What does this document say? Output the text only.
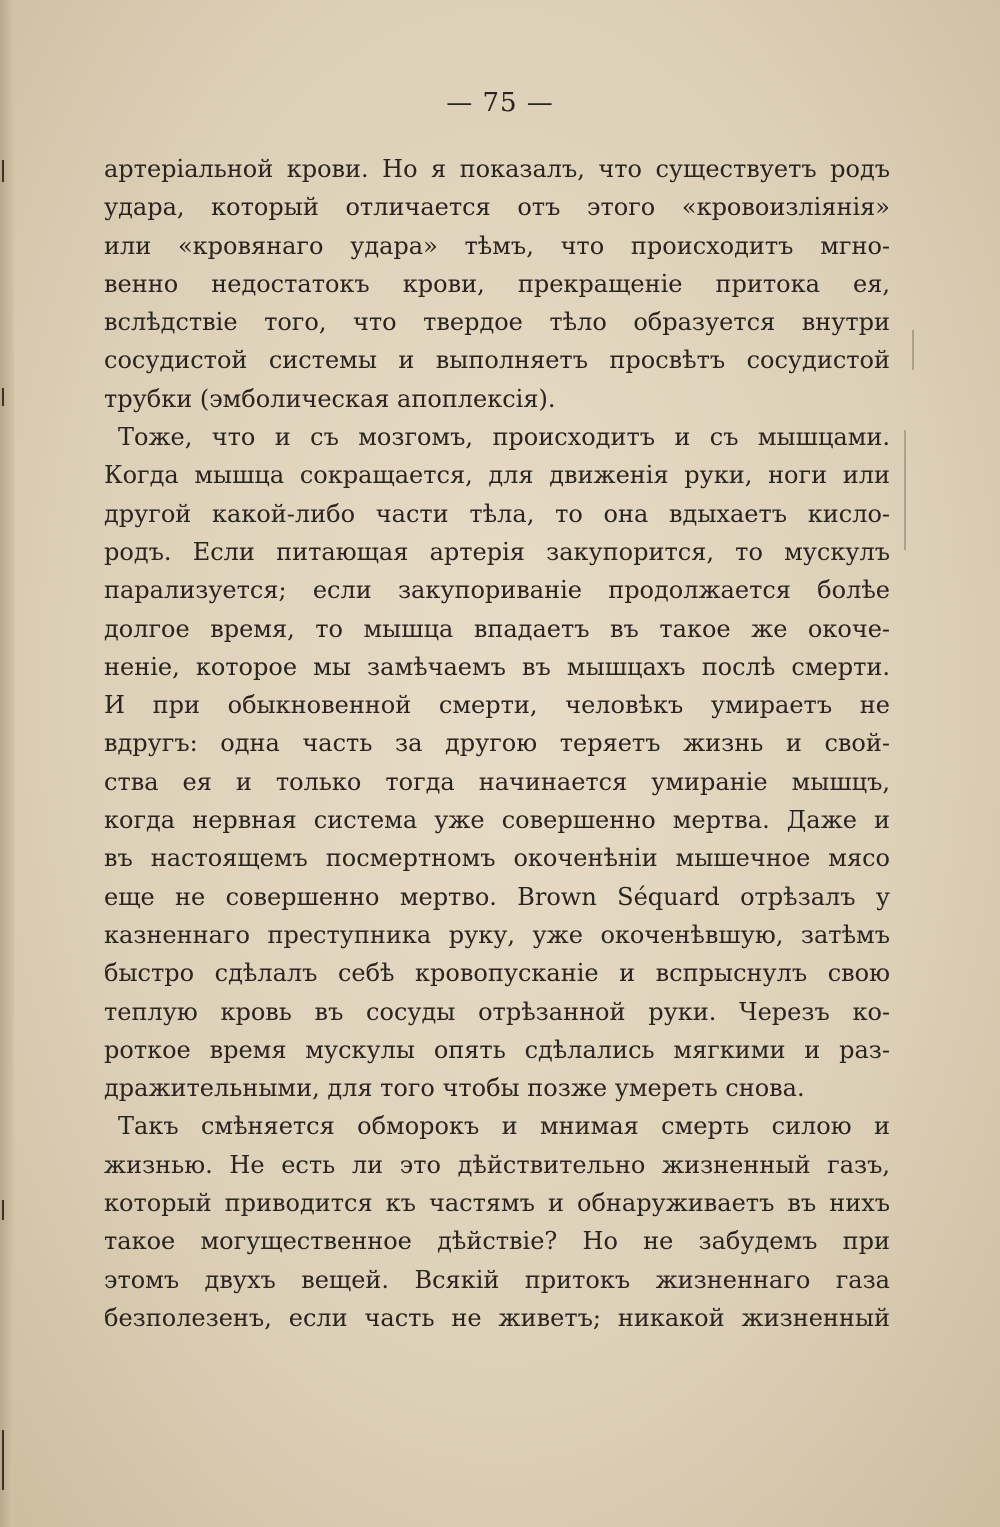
— 75 —
артеріальной крови. Но я показалъ, что существуетъ родъ
удара, который отличается отъ этого «кровоизліянія»
или «кровянаго удара» тѣмъ, что происходитъ мгно-
венно недостатокъ крови, прекращеніе притока ея,
вслѣдствіе того, что твердое тѣло образуется внутри
сосудистой системы и выполняетъ просвѣтъ сосудистой
трубки (эмболическая апоплексія).
Тоже, что и съ мозгомъ, происходитъ и съ мышцами.
Когда мышца сокращается, для движенія руки, ноги или
другой какой-либо части тѣла, то она вдыхаетъ кисло-
родъ. Если питающая артерія закупорится, то мускулъ
парализуется; если закупориваніе продолжается болѣе
долгое время, то мышца впадаетъ въ такое же окоче-
неніе, которое мы замѣчаемъ въ мышцахъ послѣ смерти.
И при обыкновенной смерти, человѣкъ умираетъ не
вдругъ: одна часть за другою теряетъ жизнь и свой-
ства ея и только тогда начинается умираніе мышцъ,
когда нервная система уже совершенно мертва. Даже и
въ настоящемъ посмертномъ окоченѣніи мышечное мясо
еще не совершенно мертво. Brown Séquard отрѣзалъ у
казненнаго преступника руку, уже окоченѣвшую, затѣмъ
быстро сдѣлалъ себѣ кровопусканіе и вспрыснулъ свою
теплую кровь въ сосуды отрѣзанной руки. Черезъ ко-
роткое время мускулы опять сдѣлались мягкими и раз-
дражительными, для того чтобы позже умереть снова.
Такъ смѣняется обморокъ и мнимая смерть силою и
жизнью. Не есть ли это дѣйствительно жизненный газъ,
который приводится къ частямъ и обнаруживаетъ въ нихъ
такое могущественное дѣйствіе? Но не забудемъ при
этомъ двухъ вещей. Всякій притокъ жизненнаго газа
безполезенъ, если часть не живетъ; никакой жизненный
